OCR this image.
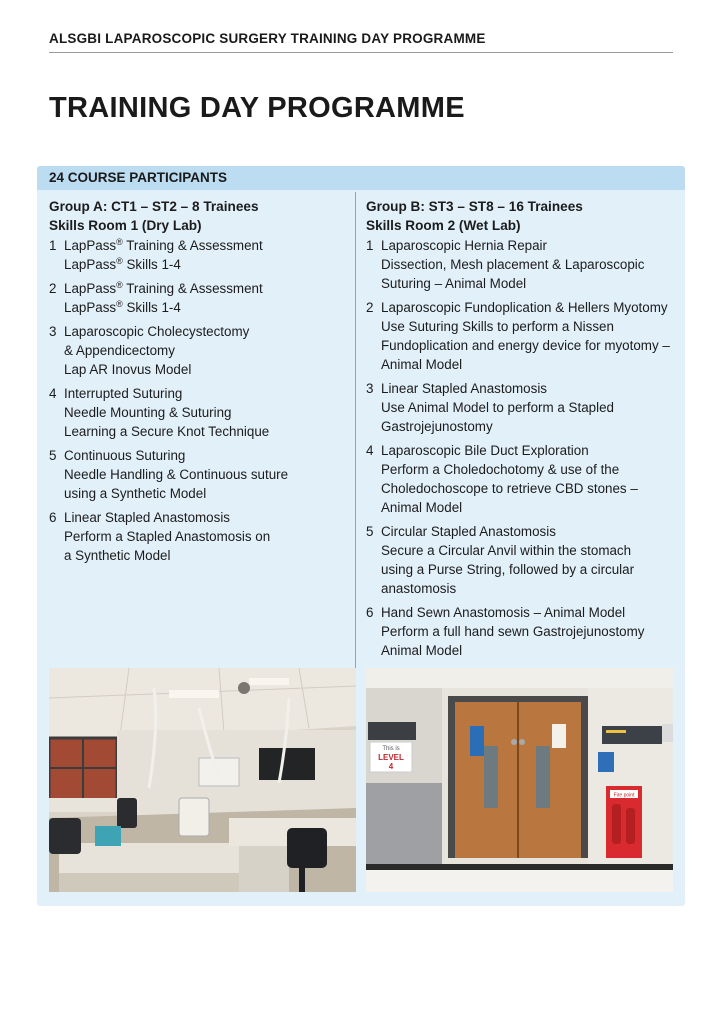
ALSGBI LAPAROSCOPIC SURGERY TRAINING DAY PROGRAMME
TRAINING DAY PROGRAMME
24 COURSE PARTICIPANTS
Group A: CT1 – ST2 – 8 Trainees
Skills Room 1 (Dry Lab)
1 LapPass® Training & Assessment
LapPass® Skills 1-4
2 LapPass® Training & Assessment
LapPass® Skills 1-4
3 Laparoscopic Cholecystectomy
& Appendicectomy
Lap AR Inovus Model
4 Interrupted Suturing
Needle Mounting & Suturing
Learning a Secure Knot Technique
5 Continuous Suturing
Needle Handling & Continuous suture
using a Synthetic Model
6 Linear Stapled Anastomosis
Perform a Stapled Anastomosis on
a Synthetic Model
Group B: ST3 – ST8 – 16 Trainees
Skills Room 2 (Wet Lab)
1 Laparoscopic Hernia Repair
Dissection, Mesh placement & Laparoscopic
Suturing – Animal Model
2 Laparoscopic Fundoplication & Hellers Myotomy
Use Suturing Skills to perform a Nissen
Fundoplication and energy device for myotomy –
Animal Model
3 Linear Stapled Anastomosis
Use Animal Model to perform a Stapled
Gastrojejunostomy
4 Laparoscopic Bile Duct Exploration
Perform a Choledochotomy & use of the
Choledochoscope to retrieve CBD stones –
Animal Model
5 Circular Stapled Anastomosis
Secure a Circular Anvil within the stomach
using a Purse String, followed by a circular
anastomosis
6 Hand Sewn Anastomosis – Animal Model
Perform a full hand sewn Gastrojejunostomy
Animal Model
This is
LEVEL
4
Fire point
